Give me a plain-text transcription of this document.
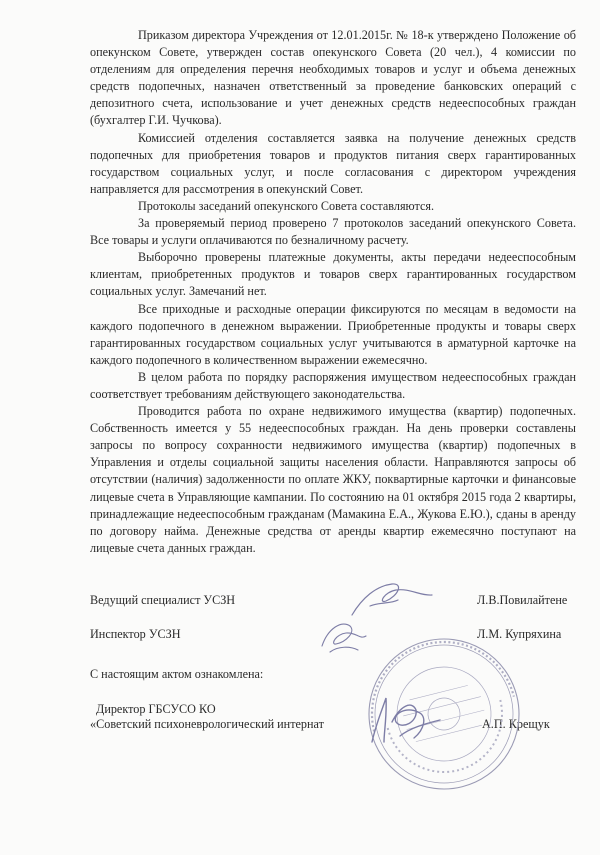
Приказом директора Учреждения от 12.01.2015г. № 18-к утверждено Положение об опекунском Совете, утвержден состав опекунского Совета (20 чел.), 4 комиссии по отделениям для определения перечня необходимых товаров и услуг и объема денежных средств подопечных, назначен ответственный за проведение банковских операций с депозитного счета, использование и учет денежных средств недееспособных граждан (бухгалтер Г.И. Чучкова).

Комиссией отделения составляется заявка на получение денежных средств подопечных для приобретения товаров и продуктов питания сверх гарантированных государством социальных услуг, и после согласования с директором учреждения направляется для рассмотрения в опекунский Совет.

Протоколы заседаний опекунского Совета составляются.

За проверяемый период проверено 7 протоколов заседаний опекунского Совета. Все товары и услуги оплачиваются по безналичному расчету.

Выборочно проверены платежные документы, акты передачи недееспособным клиентам, приобретенных продуктов и товаров сверх гарантированных государством социальных услуг. Замечаний нет.

Все приходные и расходные операции фиксируются по месяцам в ведомости на каждого подопечного в денежном выражении. Приобретенные продукты и товары сверх гарантированных государством социальных услуг учитываются в арматурной карточке на каждого подопечного в количественном выражении ежемесячно.

В целом работа по порядку распоряжения имуществом недееспособных граждан соответствует требованиям действующего законодательства.

Проводится работа по охране недвижимого имущества (квартир) подопечных. Собственность имеется у 55 недееспособных граждан. На день проверки составлены запросы по вопросу сохранности недвижимого имущества (квартир) подопечных в Управления и отделы социальной защиты населения области. Направляются запросы об отсутствии (наличия) задолженности по оплате ЖКУ, поквартирные карточки и финансовые лицевые счета в Управляющие кампании. По состоянию на 01 октября 2015 года 2 квартиры, принадлежащие недееспособным гражданам (Мамакина Е.А., Жукова Е.Ю.), сданы в аренду по договору найма. Денежные средства от аренды квартир ежемесячно поступают на лицевые счета данных граждан.

Ведущий специалист УСЗН	Л.В.Повилайтене
Инспектор УСЗН	Л.М. Купряхина
С настоящим актом ознакомлена:
Директор ГБСУСО КО
«Советский психоневрологический интернат	А.П. Крещук
